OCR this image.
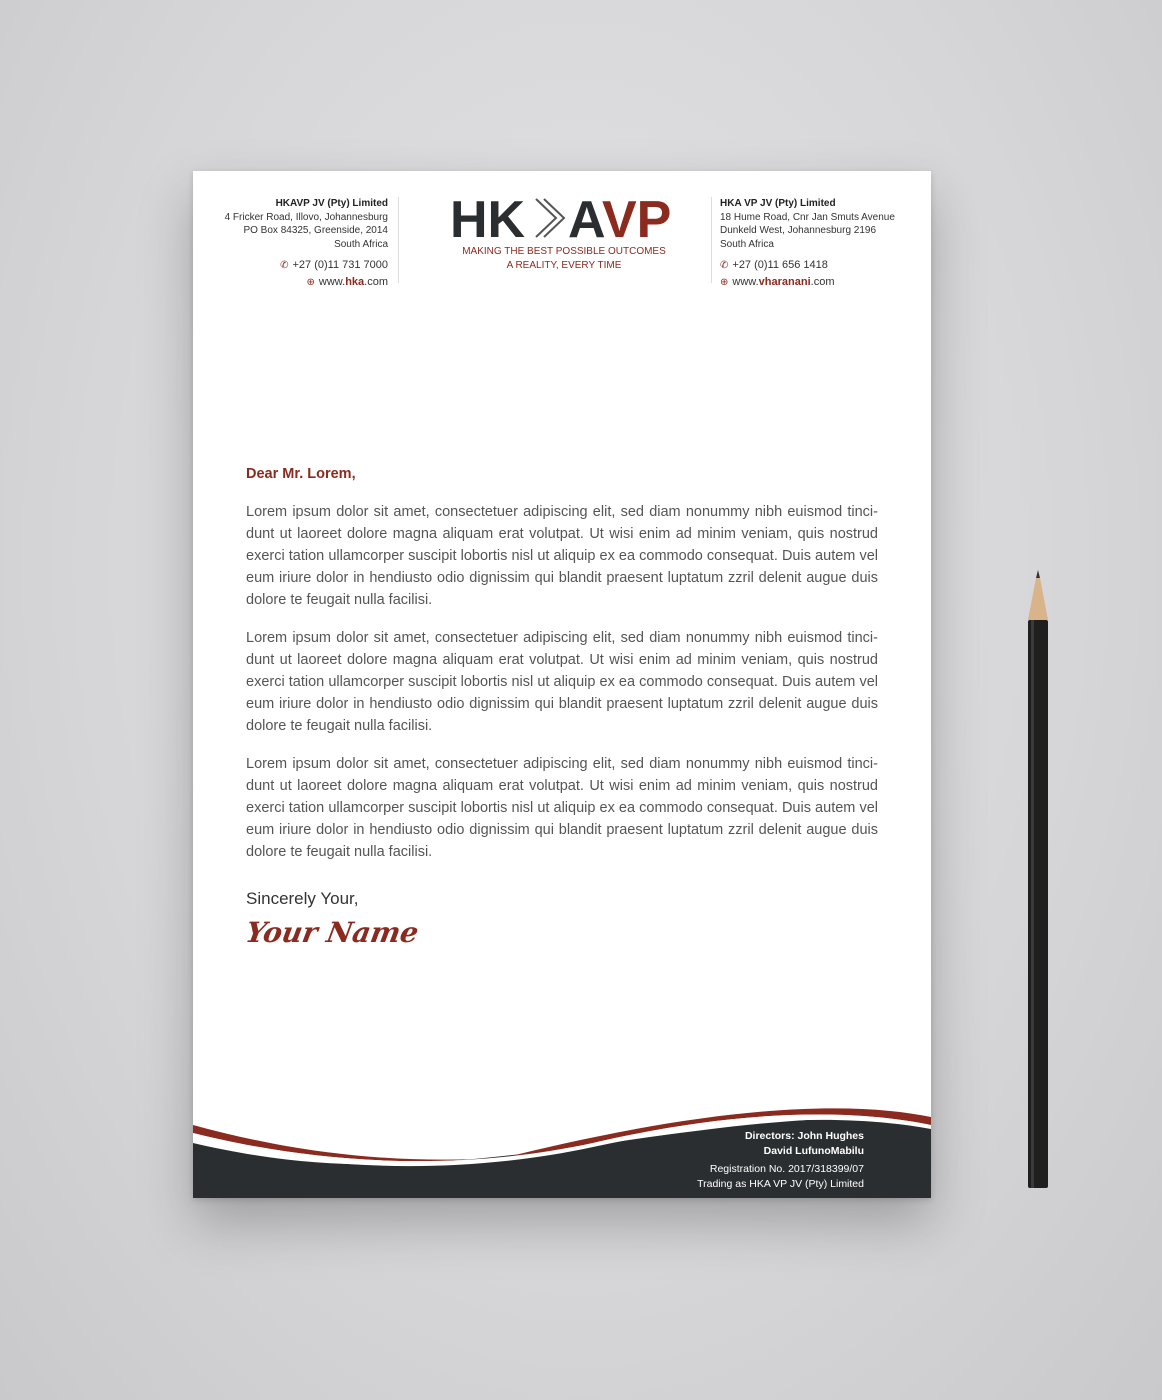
HKAVP JV (Pty) Limited
4 Fricker Road, Illovo, Johannesburg
PO Box 84325, Greenside, 2014
South Africa
✆ +27 (0)11 731 7000
⊕ www.hka.com
HK A
VP
MAKING THE BEST POSSIBLE OUTCOMES
A REALITY, EVERY TIME
HKA VP JV (Pty) Limited
18 Hume Road, Cnr Jan Smuts Avenue
Dunkeld West, Johannesburg 2196
South Africa
✆ +27 (0)11 656 1418
⊕ www.vharanani.com
Dear Mr. Lorem,

Lorem ipsum dolor sit amet, consectetuer adipiscing elit, sed diam nonummy nibh euismod tinci-dunt ut laoreet dolore magna aliquam erat volutpat. Ut wisi enim ad minim veniam, quis nostrud exerci tation ullamcorper suscipit lobortis nisl ut aliquip ex ea commodo consequat. Duis autem vel eum iriure dolor in hendiusto odio dignissim qui blandit praesent luptatum zzril delenit augue duis dolore te feugait nulla facilisi.

Lorem ipsum dolor sit amet, consectetuer adipiscing elit, sed diam nonummy nibh euismod tinci-dunt ut laoreet dolore magna aliquam erat volutpat. Ut wisi enim ad minim veniam, quis nostrud exerci tation ullamcorper suscipit lobortis nisl ut aliquip ex ea commodo consequat. Duis autem vel eum iriure dolor in hendiusto odio dignissim qui blandit praesent luptatum zzril delenit augue duis dolore te feugait nulla facilisi.

Lorem ipsum dolor sit amet, consectetuer adipiscing elit, sed diam nonummy nibh euismod tinci-dunt ut laoreet dolore magna aliquam erat volutpat. Ut wisi enim ad minim veniam, quis nostrud exerci tation ullamcorper suscipit lobortis nisl ut aliquip ex ea commodo consequat. Duis autem vel eum iriure dolor in hendiusto odio dignissim qui blandit praesent luptatum zzril delenit augue duis dolore te feugait nulla facilisi.

Sincerely Your,
Your Name
Directors: John Hughes
David LufunoMabilu
Registration No. 2017/318399/07
Trading as HKA VP JV (Pty) Limited
